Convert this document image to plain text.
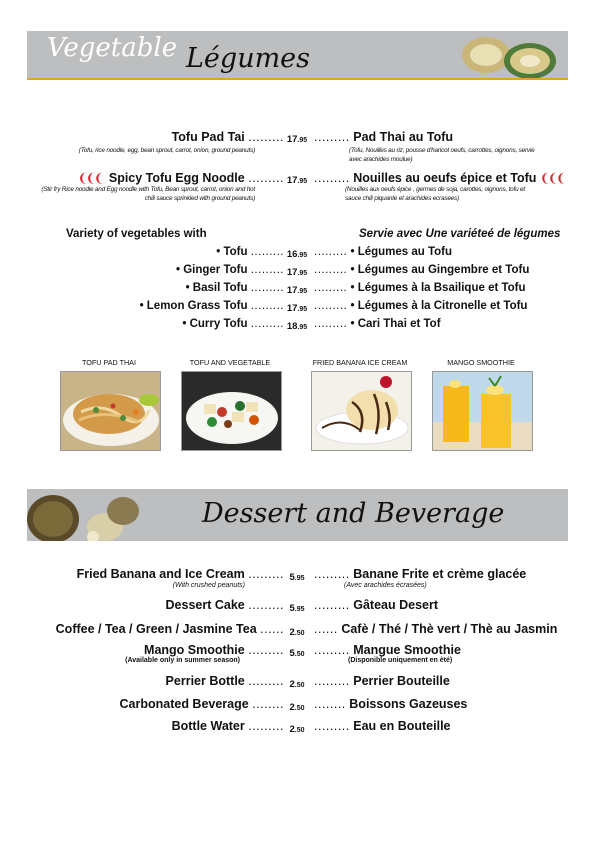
Vegetable Légumes
Tofu Pad Tai ......... 17.95 ......... Pad Thai au Tofu
(Tofu, rice noodle, egg, bean sprout, carrot, onion, ground peanuts)	(Tofu, Nouilles au riz, pousse d'haricot oeufs, carrottes, oignons, servie avec arachides moulue)
❨❨❨ Spicy Tofu Egg Noodle ......... 17.95 ......... Nouilles au oeufs épice et Tofu ❨❨❨
(Stir fry Rice noodle and Egg noodle with Tofu, Bean sprout, carrot, onion and hot chili sauce sprinkled with ground peanuts)
(Nouilles aux oeufs épice , germes de soja, carottes, oignons, tofu et sauce chili piquante et arachides ecrasees)
Variety of vegetables with	Servie avec Une variéteé de légumes
• Tofu ......... 16.95 ......... • Légumes au Tofu
• Ginger Tofu ......... 17.95 ......... • Légumes au Gingembre et Tofu
• Basil Tofu ......... 17.95 ......... • Légumes à la Bsailique et Tofu
• Lemon Grass Tofu ......... 17.95 ......... • Légumes à la Citronelle et Tofu
• Curry Tofu ......... 18.95 ......... • Cari Thai et Tof
TOFU PAD THAI	TOFU AND VEGETABLE	FRIED BANANA ICE CREAM	MANGO SMOOTHIE
Dessert and Beverage
Fried Banana and Ice Cream ......... 5.95 ......... Banane Frite et crème glacée
(With crushed peanuts)	(Avec arachides écrasées)
Dessert Cake ......... 5.95 ......... Gâteau Desert
Coffee / Tea / Green / Jasmine Tea ...... 2.50 ...... Cafè / Thé / Thè vert / Thè au Jasmin
Mango Smoothie ......... 5.50 ......... Mangue Smoothie
(Available only in summer season)	(Disponible uniquement en èté)
Perrier Bottle ......... 2.50 ......... Perrier Bouteille
Carbonated Beverage ........ 2.50 ........ Boissons Gazeuses
Bottle Water ......... 2.50 ......... Eau en Bouteille
